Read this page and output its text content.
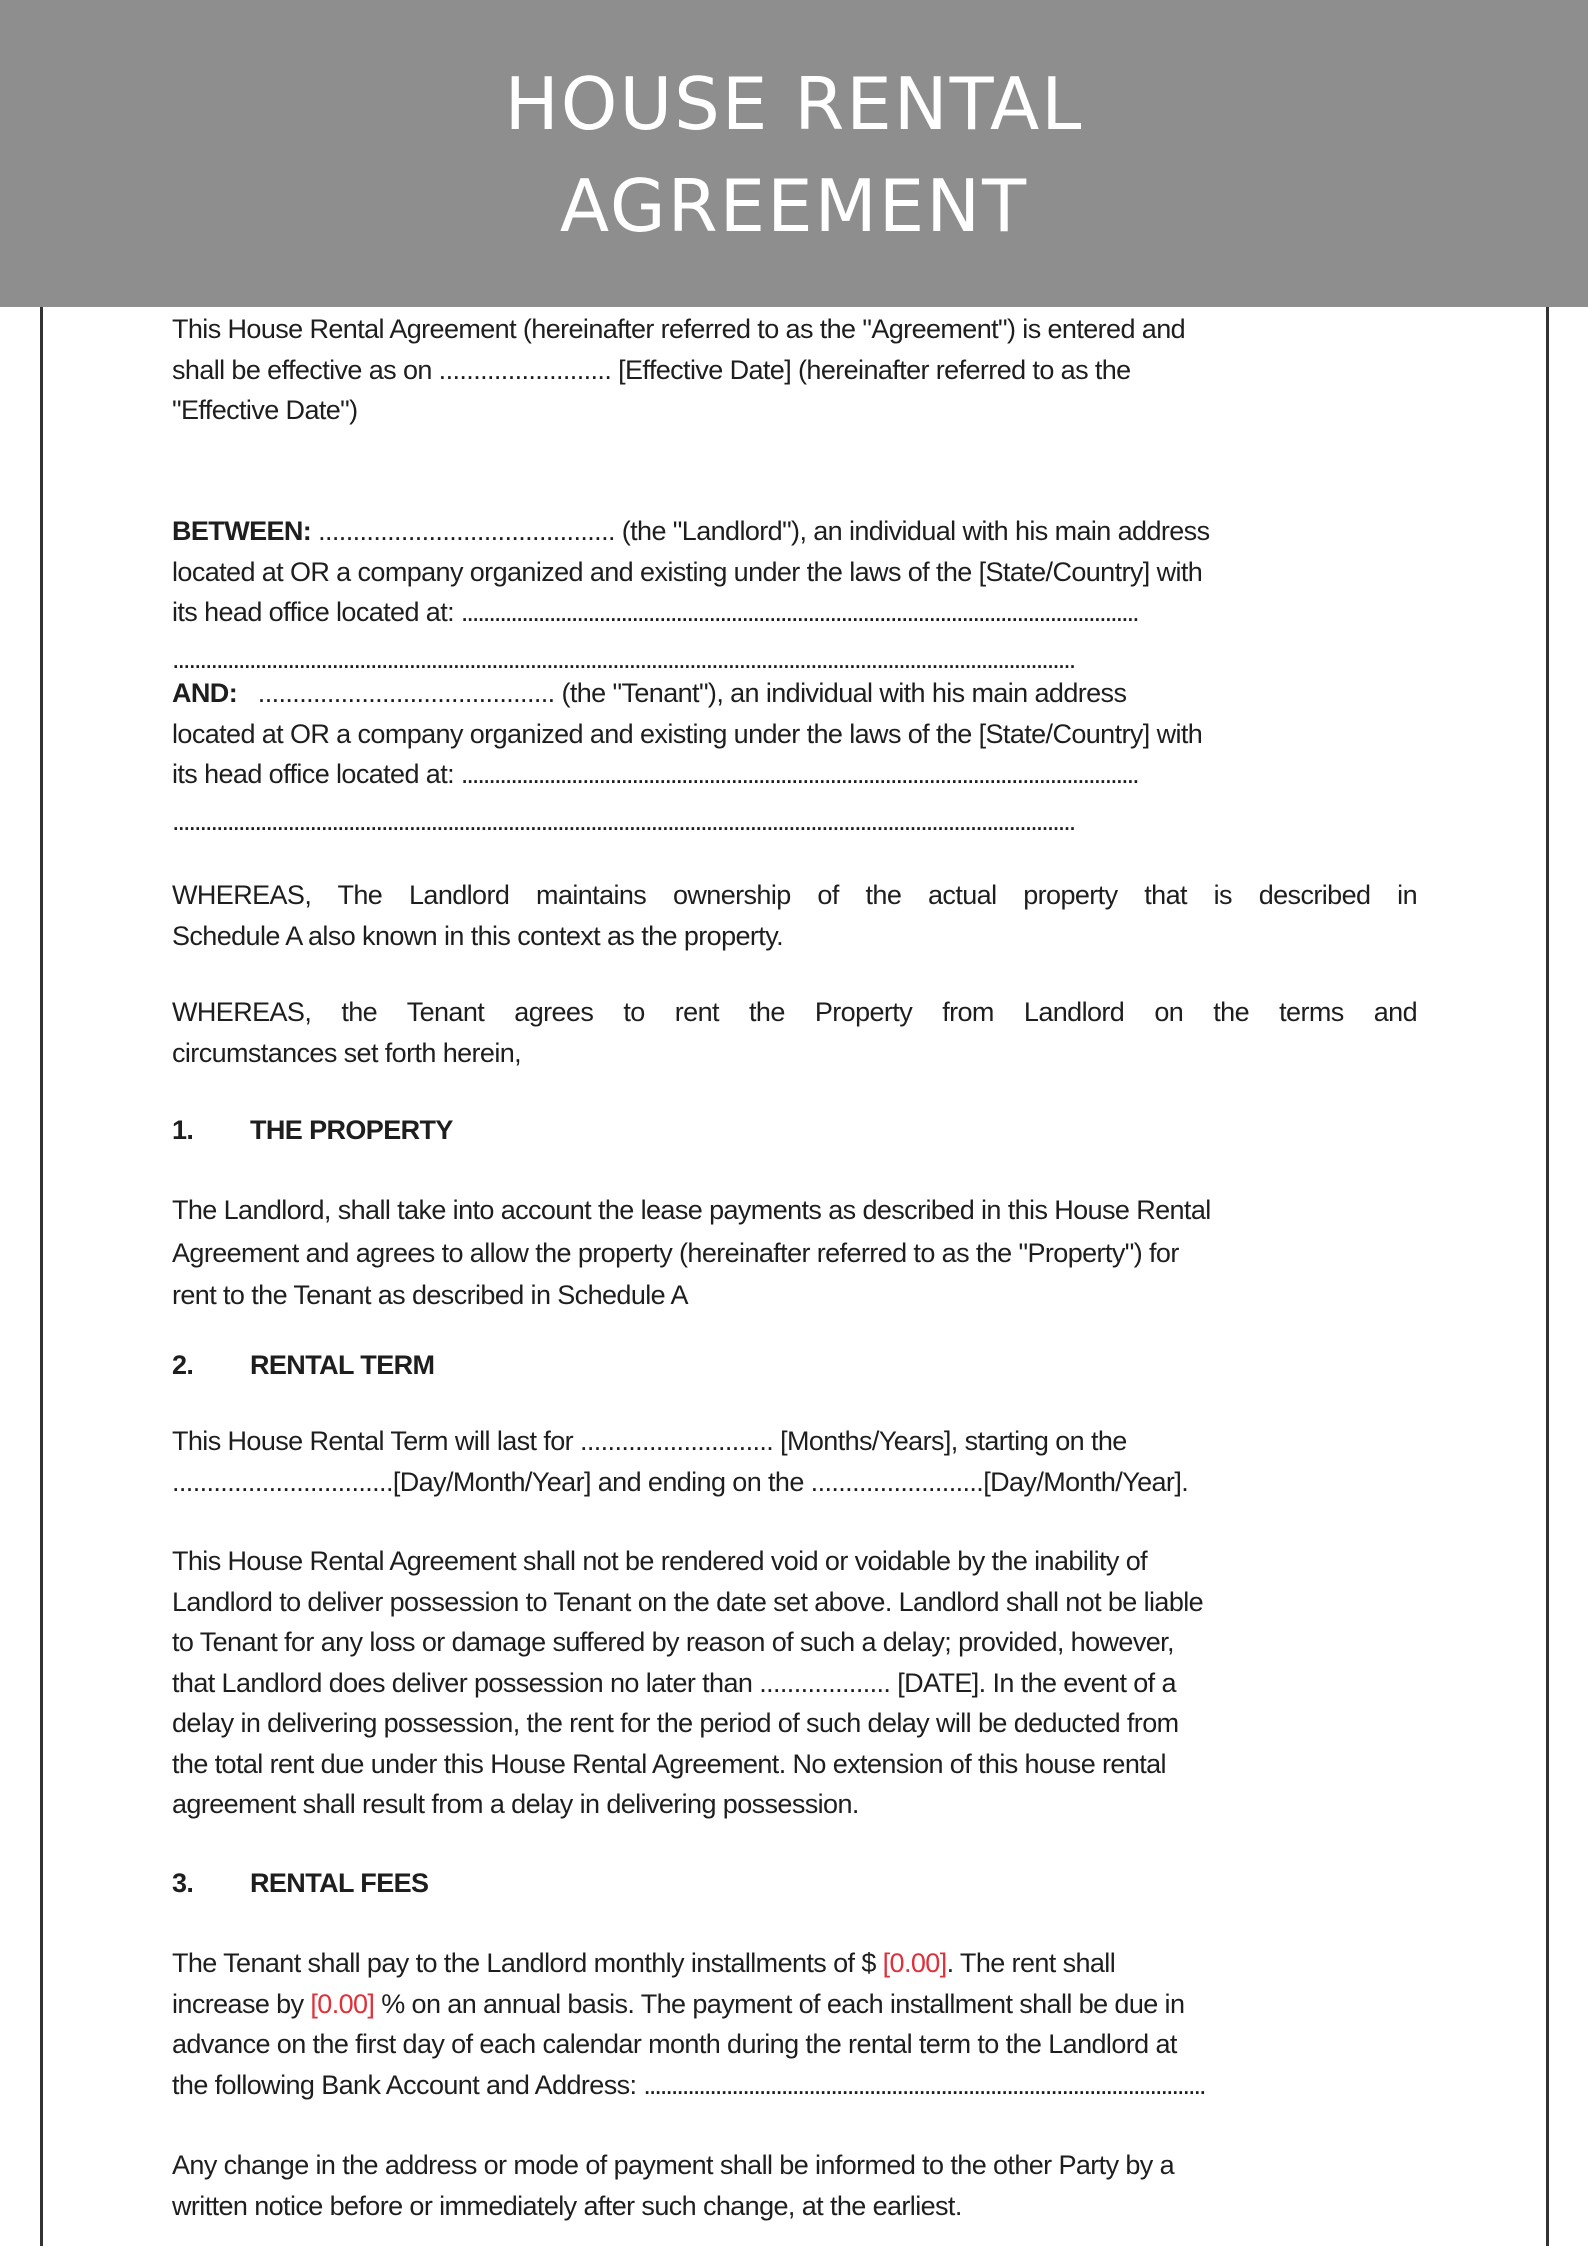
HOUSE RENTAL
AGREEMENT
This House Rental Agreement (hereinafter referred to as the "Agreement") is entered and
shall be effective as on ......................... [Effective Date] (hereinafter referred to as the
"Effective Date")
BETWEEN: ........................................... (the "Landlord"), an individual with his main address
located at OR a company organized and existing under the laws of the [State/Country] with
its head office located at: ...........................................................................................................................
....................................................................................................................................................................
AND:   ........................................... (the "Tenant"), an individual with his main address
located at OR a company organized and existing under the laws of the [State/Country] with
its head office located at: ...........................................................................................................................
....................................................................................................................................................................
WHEREAS, The Landlord maintains ownership of the actual property that is described in
Schedule A also known in this context as the property.
WHEREAS, the Tenant agrees to rent the Property from Landlord on the terms and
circumstances set forth herein,
1. THE PROPERTY
The Landlord, shall take into account the lease payments as described in this House Rental
Agreement and agrees to allow the property (hereinafter referred to as the "Property") for
rent to the Tenant as described in Schedule A
2. RENTAL TERM
This House Rental Term will last for ............................ [Months/Years], starting on the
................................[Day/Month/Year] and ending on the .........................[Day/Month/Year].
This House Rental Agreement shall not be rendered void or voidable by the inability of
Landlord to deliver possession to Tenant on the date set above. Landlord shall not be liable
to Tenant for any loss or damage suffered by reason of such a delay; provided, however,
that Landlord does deliver possession no later than ................... [DATE]. In the event of a
delay in delivering possession, the rent for the period of such delay will be deducted from
the total rent due under this House Rental Agreement. No extension of this house rental
agreement shall result from a delay in delivering possession.
3. RENTAL FEES
The Tenant shall pay to the Landlord monthly installments of $ [0.00]. The rent shall
increase by [0.00] % on an annual basis. The payment of each installment shall be due in
advance on the first day of each calendar month during the rental term to the Landlord at
the following Bank Account and Address: ......................................................................................................
Any change in the address or mode of payment shall be informed to the other Party by a
written notice before or immediately after such change, at the earliest.
